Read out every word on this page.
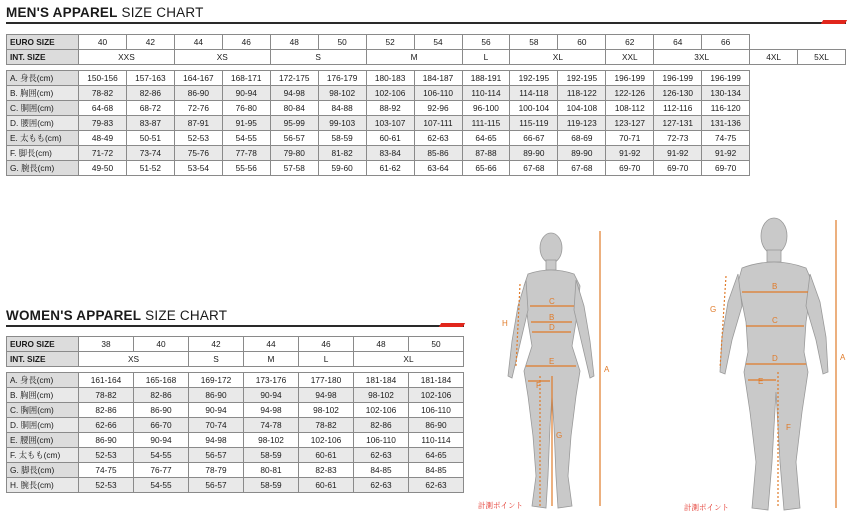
MEN'S APPAREL SIZE CHART
EURO SIZE	40	42	44	46	48	50	52	54	56	58	60	62	64	66		
INT. SIZE	XXS		XS		S		M		L	XL		XXL	3XL		4XL	5XL

A. 身長(cm)	150-156	157-163	164-167	168-171	172-175	176-179	180-183	184-187	188-191	192-195	192-195	196-199	196-199	196-199		
B. 胸囲(cm)	78-82	82-86	86-90	90-94	94-98	98-102	102-106	106-110	110-114	114-118	118-122	122-126	126-130	130-134		
C. 胴囲(cm)	64-68	68-72	72-76	76-80	80-84	84-88	88-92	92-96	96-100	100-104	104-108	108-112	112-116	116-120		
D. 腰囲(cm)	79-83	83-87	87-91	91-95	95-99	99-103	103-107	107-111	111-115	115-119	119-123	123-127	127-131	131-136		
E. 太もも(cm)	48-49	50-51	52-53	54-55	56-57	58-59	60-61	62-63	64-65	66-67	68-69	70-71	72-73	74-75		
F. 脚長(cm)	71-72	73-74	75-76	77-78	79-80	81-82	83-84	85-86	87-88	89-90	89-90	91-92	91-92	91-92		
G. 腕長(cm)	49-50	51-52	53-54	55-56	57-58	59-60	61-62	63-64	65-66	67-68	67-68	69-70	69-70	69-70		
WOMEN'S APPAREL SIZE CHART
EURO SIZE	38	40	42	44	46	48	50
INT. SIZE	XS		S	M	L	XL	

A. 身長(cm)	161-164	165-168	169-172	173-176	177-180	181-184	181-184
B. 胸囲(cm)	78-82	82-86	86-90	90-94	94-98	98-102	102-106
C. 胸囲(cm)	82-86	86-90	90-94	94-98	98-102	102-106	106-110
D. 胴囲(cm)	62-66	66-70	70-74	74-78	78-82	82-86	86-90
E. 腰囲(cm)	86-90	90-94	94-98	98-102	102-106	106-110	110-114
F. 太もも(cm)	52-53	54-55	56-57	58-59	60-61	62-63	64-65
G. 脚長(cm)	74-75	76-77	78-79	80-81	82-83	84-85	84-85
H. 腕長(cm)	52-53	54-55	56-57	58-59	60-61	62-63	62-63
A
C
B
D
E
F
G
H
計測ポイント
A
B
C
D
E
F
G
計測ポイント
